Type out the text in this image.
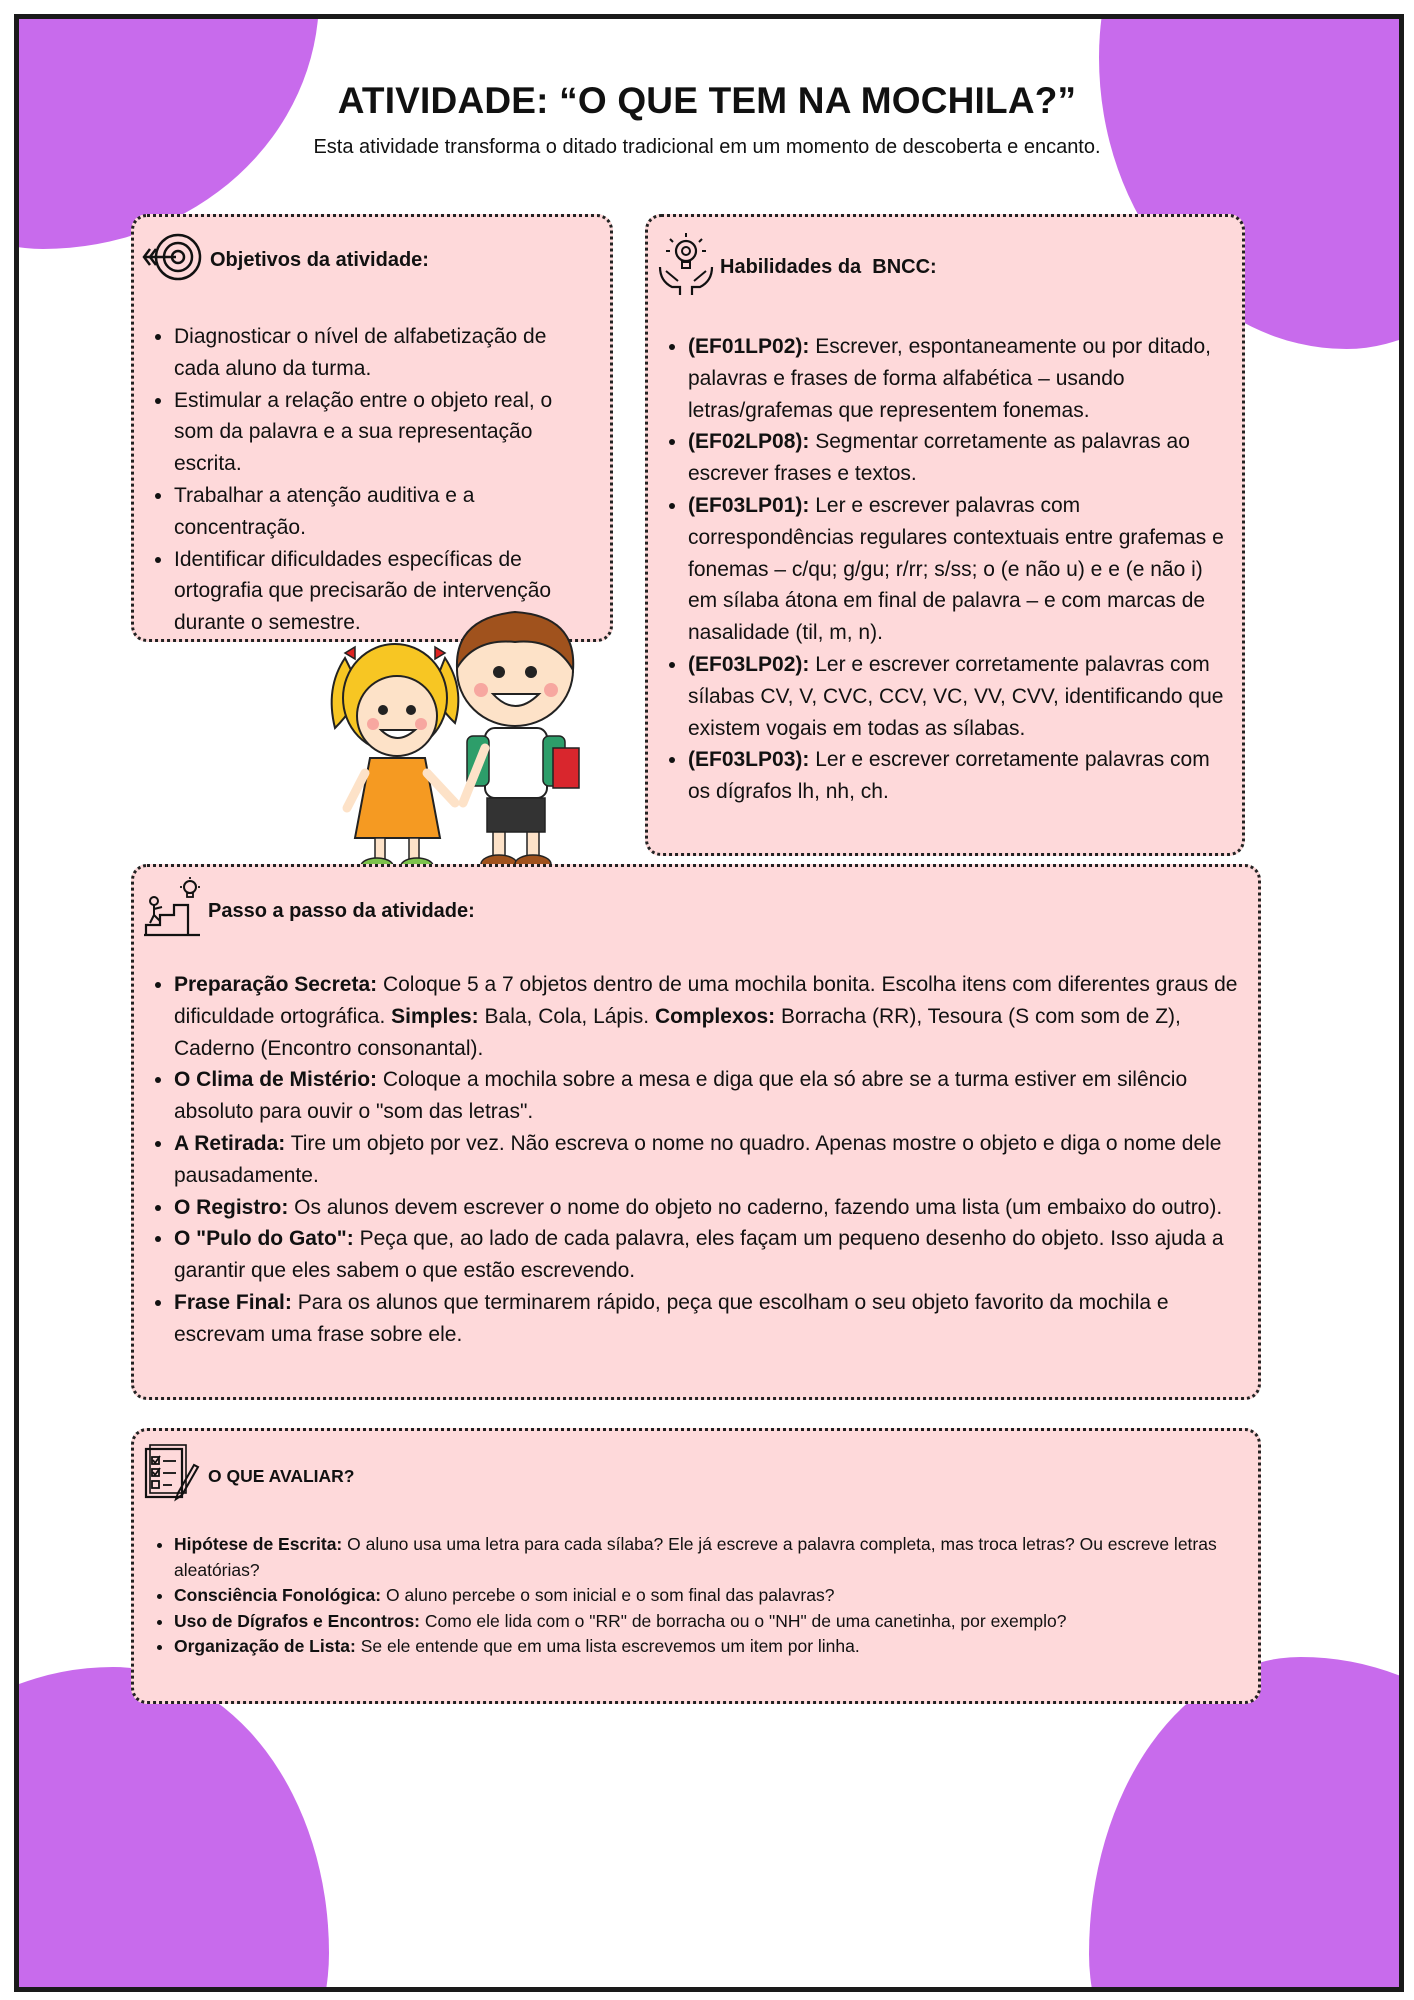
ATIVIDADE: “O QUE TEM NA MOCHILA?”

Esta atividade transforma o ditado tradicional em um momento de descoberta e encanto.

Objetivos da atividade:
• Diagnosticar o nível de alfabetização de cada aluno da turma.
• Estimular a relação entre o objeto real, o som da palavra e a sua representação escrita.
• Trabalhar a atenção auditiva e a concentração.
• Identificar dificuldades específicas de ortografia que precisarão de intervenção durante o semestre.
Habilidades da  BNCC:
• (EF01LP02): Escrever, espontaneamente ou por ditado, palavras e frases de forma alfabética – usando letras/grafemas que representem fonemas.
• (EF02LP08): Segmentar corretamente as palavras ao escrever frases e textos.
• (EF03LP01): Ler e escrever palavras com correspondências regulares contextuais entre grafemas e fonemas – c/qu; g/gu; r/rr; s/ss; o (e não u) e e (e não i) em sílaba átona em final de palavra – e com marcas de nasalidade (til, m, n).
• (EF03LP02): Ler e escrever corretamente palavras com sílabas CV, V, CVC, CCV, VC, VV, CVV, identificando que existem vogais em todas as sílabas.
• (EF03LP03): Ler e escrever corretamente palavras com os dígrafos lh, nh, ch.
Passo a passo da atividade:
• Preparação Secreta: Coloque 5 a 7 objetos dentro de uma mochila bonita. Escolha itens com diferentes graus de dificuldade ortográfica. Simples: Bala, Cola, Lápis. Complexos: Borracha (RR), Tesoura (S com som de Z), Caderno (Encontro consonantal).
• O Clima de Mistério: Coloque a mochila sobre a mesa e diga que ela só abre se a turma estiver em silêncio absoluto para ouvir o "som das letras".
• A Retirada: Tire um objeto por vez. Não escreva o nome no quadro. Apenas mostre o objeto e diga o nome dele pausadamente.
• O Registro: Os alunos devem escrever o nome do objeto no caderno, fazendo uma lista (um embaixo do outro).
• O "Pulo do Gato": Peça que, ao lado de cada palavra, eles façam um pequeno desenho do objeto. Isso ajuda a garantir que eles sabem o que estão escrevendo.
• Frase Final: Para os alunos que terminarem rápido, peça que escolham o seu objeto favorito da mochila e escrevam uma frase sobre ele.
O QUE AVALIAR?
• Hipótese de Escrita: O aluno usa uma letra para cada sílaba? Ele já escreve a palavra completa, mas troca letras? Ou escreve letras aleatórias?
• Consciência Fonológica: O aluno percebe o som inicial e o som final das palavras?
• Uso de Dígrafos e Encontros: Como ele lida com o "RR" de borracha ou o "NH" de uma canetinha, por exemplo?
• Organização de Lista: Se ele entende que em uma lista escrevemos um item por linha.
